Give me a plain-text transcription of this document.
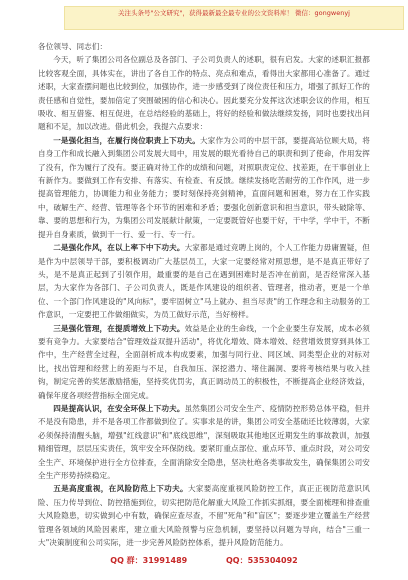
关注头条号"公文研究"，获得最新最全最专业的公文资料库！ 微信：gongwenyj

各位领导、同志们：

今天，听了集团公司各位副总及各部门、子公司负责人的述职，很有启发。大家的述职汇报都比较客观全面，具体实在，讲出了各自工作的特点、亮点和难点，看得出大家都用心准备了。通过述职，大家查摆问题也比较到位，加强协作，进一步感受到了岗位责任和压力，增强了抓好工作的责任感和自觉性，要加倍定了突围破困的信心和决心。因此要充分发挥这次述职会议的作用，相互吸收、相互借鉴、相互促进，在总结经验的基础上，将好的经验和做法继续发扬，同时也要找出问题和不足，加以改进。借此机会，我提六点要求：

一是强化担当，在履行岗位职责上下功夫。大家作为公司的中层干部，要提高站位顾大局，将自身工作和成长融入到集团公司发展大局中，用发展的眼光看待自己的职责和到了使命，作用发挥了没有，作为履行了没有。要正确对待工作的成绩和问题，对照职责定位、找差距，在干事创业上有新作为。要做到工作有安排、有落实、有检查、有反馈。继续发扬吃苦耐劳的工作作风，进一步提高管理能力，协调能力和业务能力；要时刻保持亮剑精神，直面问题和困难，努力在工作实践中，破解生产、经营、管理等各个环节的困难和矛盾；要强化创新意识和担当意识，带头破除等、靠、要的思想和行为，为集团公司发展献计献策，一定要既管好也要干好，干中学，学中干，不断提升自身素质，做到干一行、爱一行、专一行。

二是强化作风，在以上率下中下功夫。大家都是通过竞聘上岗的，个人工作能力毋庸置疑，但是作为中层领导干部，要积极调动广大基层员工，大家一定要经常对照思想，是不是真正带好了头，是不是真正起到了引领作用，最重要的是自己在遇到困难时是否冲在前面，是否经常深入基层，为大家作为各部门、子公司负责人，既是作风建设的组织者、管理者，推动者，更是一个单位、一个部门作风建设的"风向标"，要牢固树立"马上就办、担当尽责"的工作理念和主动服务的工作意识，一定要把工作做细做实，为员工做好示范，当好榜样。

三是强化管理，在提质增效上下功夫。效益是企业的生命线，一个企业要生存发展，成本必须要有竞争力。大家要结合"管理效益双提升活动"，将优化增效、降本增效、经营增效贯穿到具体工作中，生产经营全过程，全面剖析成本构成要素，加强与同行业、同区域、同类型企业的对标对比，找出管理和经营上的差距与不足，自我加压、深挖潜力、堵住漏洞、要将考核结果与收入挂钩，制定完善的奖惩激励措施，坚持奖优罚劣，真正调动员工的积极性，不断提高企业经济效益，确保年度各项经营指标全面完成。

四是提高认识，在安全环保上下功夫。虽然集团公司安全生产、疫情防控形势总体平稳，但并不是没有隐患，并不是各项工作都做到位了。实事求是的讲，集团公司安全基础还比较薄弱，大家必须保持清醒头脑，增强"红线意识"和"底线思维"，深刻吸取其他地区近期发生的事故教训，加强精细管理，层层压实责任，筑牢安全环保防线。要紧盯重点部位、重点环节、重点时段，对公司安全生产、环境保护进行全方位排查，全面消除安全隐患，坚决杜绝各类事故发生，确保集团公司安全生产形势持续稳定。

五是高度重视，在风险防范上下功夫。大家要高度重视风险防控工作，真正正视防范意识风险、压力传导到位、防控措施到位，切实把防范化解重大风险工作抓实抓细，要全面梳理和排查重大风险隐患，切实做到心中有数，确保应查尽查，不留"死角"和"盲区"；要逐步建立覆盖生产经营管理各领域的风险因素库，建立重大风险预警与应急机制，要坚持以问题为导向，结合"三重一大"决策制度和公司实际，进一步完善风险防控体系，提升风险防范能力。

QQ 群：31991489	QQ：535304092
